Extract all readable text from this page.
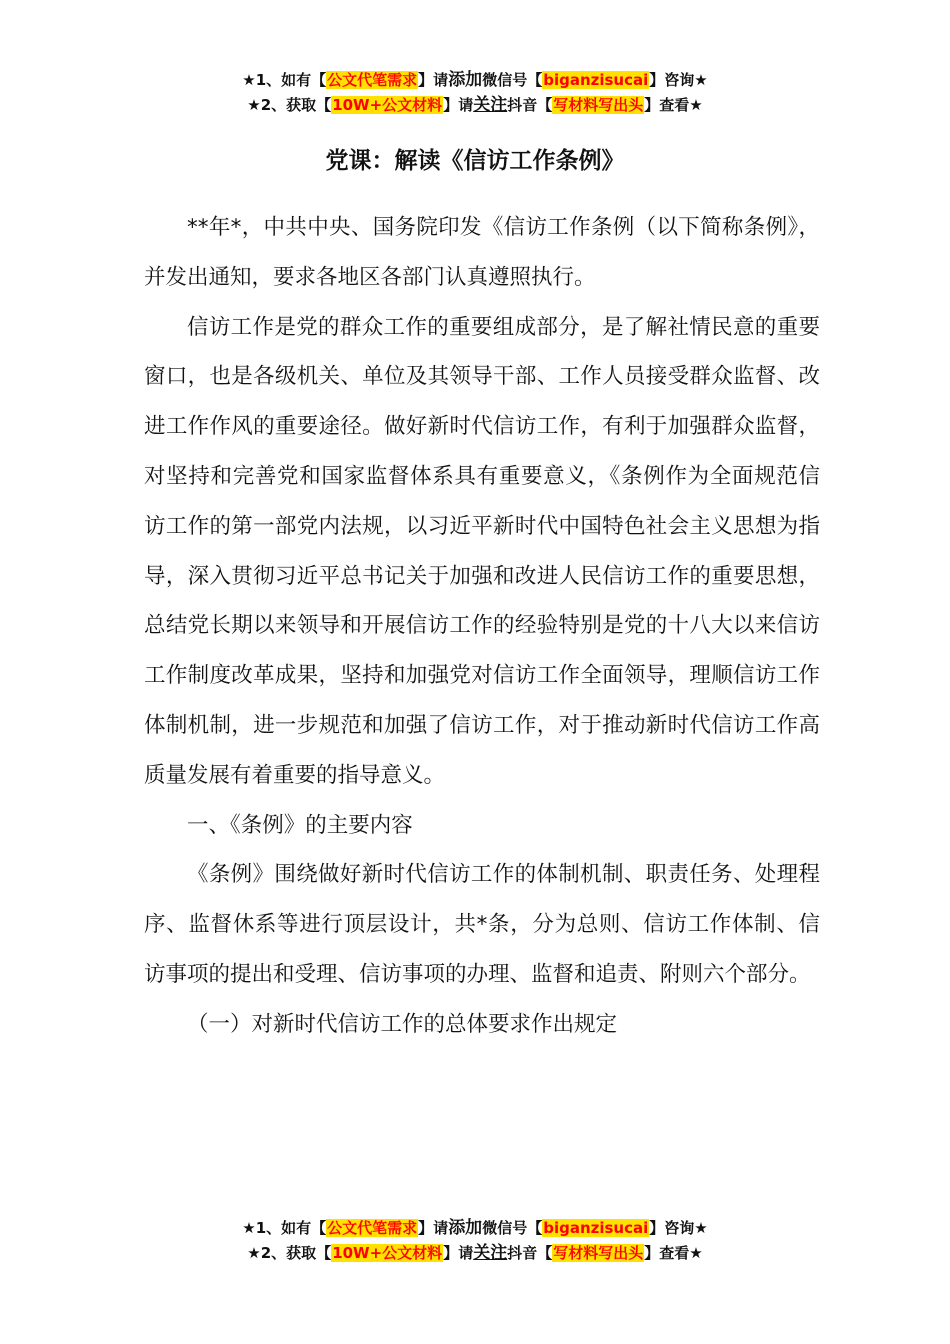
★1、如有【公文代笔需求】请添加微信号【biganzisucai】咨询★
★2、获取【10W+公文材料】请关注抖音【写材料写出头】查看★
党课：解读《信访工作条例》

**年*，中共中央、国务院印发《信访工作条例（以下简称条例》，并发出通知，要求各地区各部门认真遵照执行。

信访工作是党的群众工作的重要组成部分，是了解社情民意的重要窗口，也是各级机关、单位及其领导干部、工作人员接受群众监督、改进工作作风的重要途径。做好新时代信访工作，有利于加强群众监督，对坚持和完善党和国家监督体系具有重要意义，《条例作为全面规范信访工作的第一部党内法规，以习近平新时代中国特色社会主义思想为指导，深入贯彻习近平总书记关于加强和改进人民信访工作的重要思想，总结党长期以来领导和开展信访工作的经验特别是党的十八大以来信访工作制度改革成果，坚持和加强党对信访工作全面领导，理顺信访工作体制机制，进一步规范和加强了信访工作，对于推动新时代信访工作高质量发展有着重要的指导意义。

一、《条例》的主要内容

《条例》围绕做好新时代信访工作的体制机制、职责任务、处理程序、监督休系等进行顶层设计，共*条，分为总则、信访工作体制、信访事项的提出和受理、信访事项的办理、监督和追责、附则六个部分。

（一）对新时代信访工作的总体要求作出规定

★1、如有【公文代笔需求】请添加微信号【biganzisucai】咨询★
★2、获取【10W+公文材料】请关注抖音【写材料写出头】查看★
